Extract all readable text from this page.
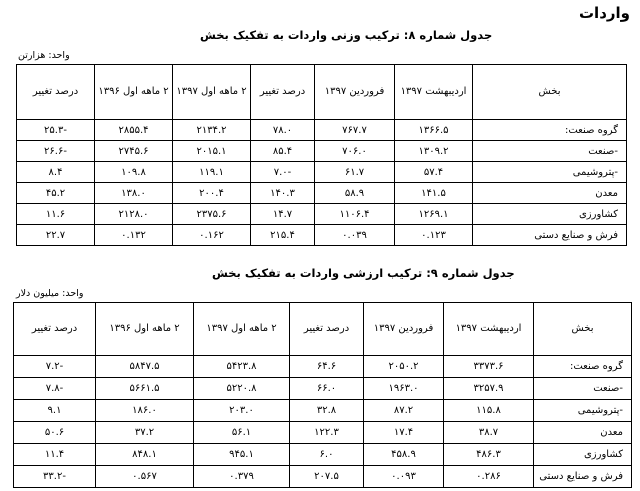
واردات
جدول شماره ۸: ترکیب وزنی واردات به تفکیک بخش
واحد: هزارتن
بخش	اردیبهشت ۱۳۹۷	فروردین ۱۳۹۷	درصد تغییر	۲ ماهه اول ۱۳۹۷	۲ ماهه اول ۱۳۹۶	درصد تغییر
گروه صنعت:	۱۳۶۶.۵	۷۶۷.۷	۷۸.۰	۲۱۳۴.۲	۲۸۵۵.۴	-۲۵.۳
-صنعت	۱۳۰۹.۲	۷۰۶.۰	۸۵.۴	۲۰۱۵.۱	۲۷۴۵.۶	-۲۶.۶
-پتروشیمی	۵۷.۴	۶۱.۷	-۷.۰	۱۱۹.۱	۱۰۹.۸	۸.۴
معدن	۱۴۱.۵	۵۸.۹	۱۴۰.۳	۲۰۰.۴	۱۳۸.۰	۴۵.۲
کشاورزی	۱۲۶۹.۱	۱۱۰۶.۴	۱۴.۷	۲۳۷۵.۶	۲۱۲۸.۰	۱۱.۶
فرش و صنایع دستی	۰.۱۲۳	۰.۰۳۹	۲۱۵.۴	۰.۱۶۲	۰.۱۳۲	۲۲.۷
جدول شماره ۹: ترکیب ارزشی واردات به تفکیک بخش
واحد: میلیون دلار
بخش	اردیبهشت ۱۳۹۷	فروردین ۱۳۹۷	درصد تغییر	۲ ماهه اول ۱۳۹۷	۲ ماهه اول ۱۳۹۶	درصد تغییر
گروه صنعت:	۳۳۷۳.۶	۲۰۵۰.۲	۶۴.۶	۵۴۲۳.۸	۵۸۴۷.۵	-۷.۲
-صنعت	۳۲۵۷.۹	۱۹۶۳.۰	۶۶.۰	۵۲۲۰.۸	۵۶۶۱.۵	-۷.۸
-پتروشیمی	۱۱۵.۸	۸۷.۲	۳۲.۸	۲۰۳.۰	۱۸۶.۰	۹.۱
معدن	۳۸.۷	۱۷.۴	۱۲۲.۳	۵۶.۱	۳۷.۲	۵۰.۶
کشاورزی	۴۸۶.۳	۴۵۸.۹	۶.۰	۹۴۵.۱	۸۴۸.۱	۱۱.۴
فرش و صنایع دستی	۰.۲۸۶	۰.۰۹۳	۲۰۷.۵	۰.۳۷۹	۰.۵۶۷	-۳۳.۲
